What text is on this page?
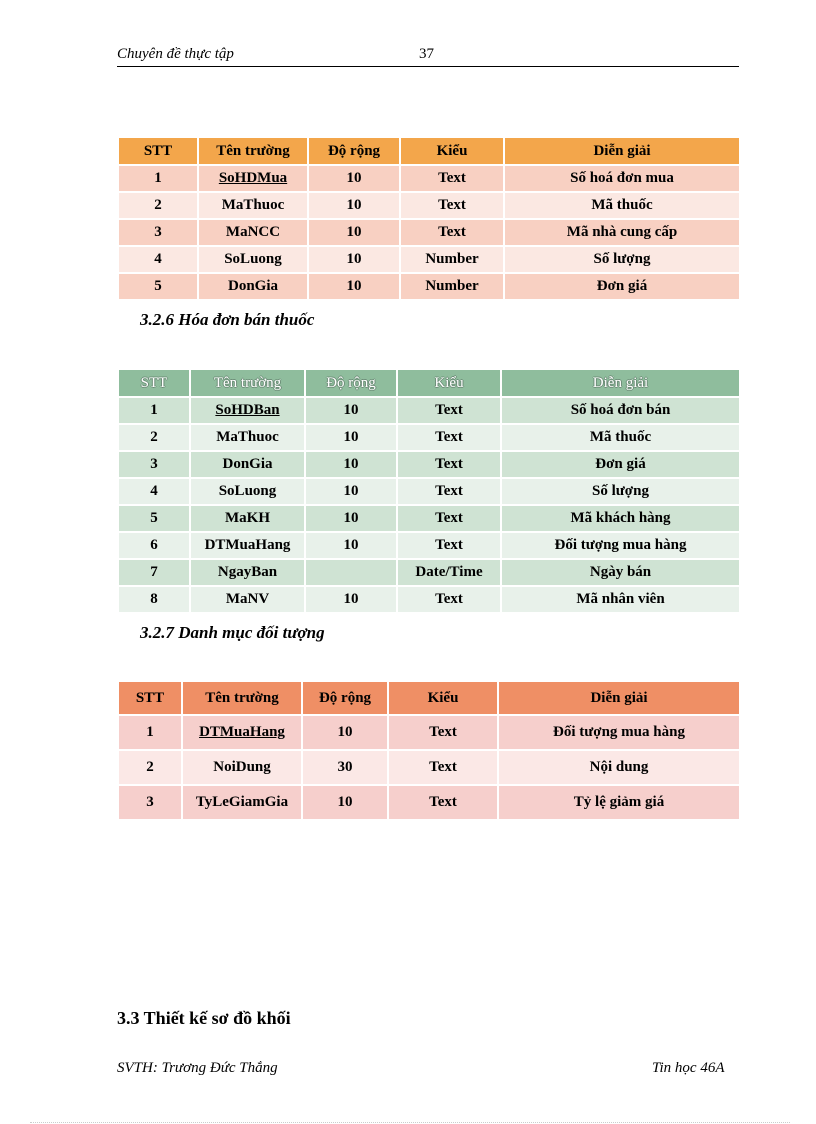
Chuyên đề thực tập	37
STT	Tên trường	Độ rộng	Kiểu	Diễn giải
1	SoHDMua	10	Text	Số hoá đơn mua
2	MaThuoc	10	Text	Mã thuốc
3	MaNCC	10	Text	Mã nhà cung cấp
4	SoLuong	10	Number	Số lượng
5	DonGia	10	Number	Đơn giá
3.2.6 Hóa đơn bán thuốc
STT	Tên trường	Độ rộng	Kiểu	Diễn giải
1	SoHDBan	10	Text	Số hoá đơn bán
2	MaThuoc	10	Text	Mã thuốc
3	DonGia	10	Text	Đơn giá
4	SoLuong	10	Text	Số lượng
5	MaKH	10	Text	Mã khách hàng
6	DTMuaHang	10	Text	Đối tượng mua hàng
7	NgayBan		Date/Time	Ngày bán
8	MaNV	10	Text	Mã nhân viên
3.2.7 Danh mục đối tượng
STT	Tên trường	Độ rộng	Kiểu	Diễn giải
1	DTMuaHang	10	Text	Đối tượng mua hàng
2	NoiDung	30	Text	Nội dung
3	TyLeGiamGia	10	Text	Tỷ lệ giảm giá
3.3 Thiết kế sơ đồ khối
SVTH: Trương Đức Thắng	Tin học 46A
